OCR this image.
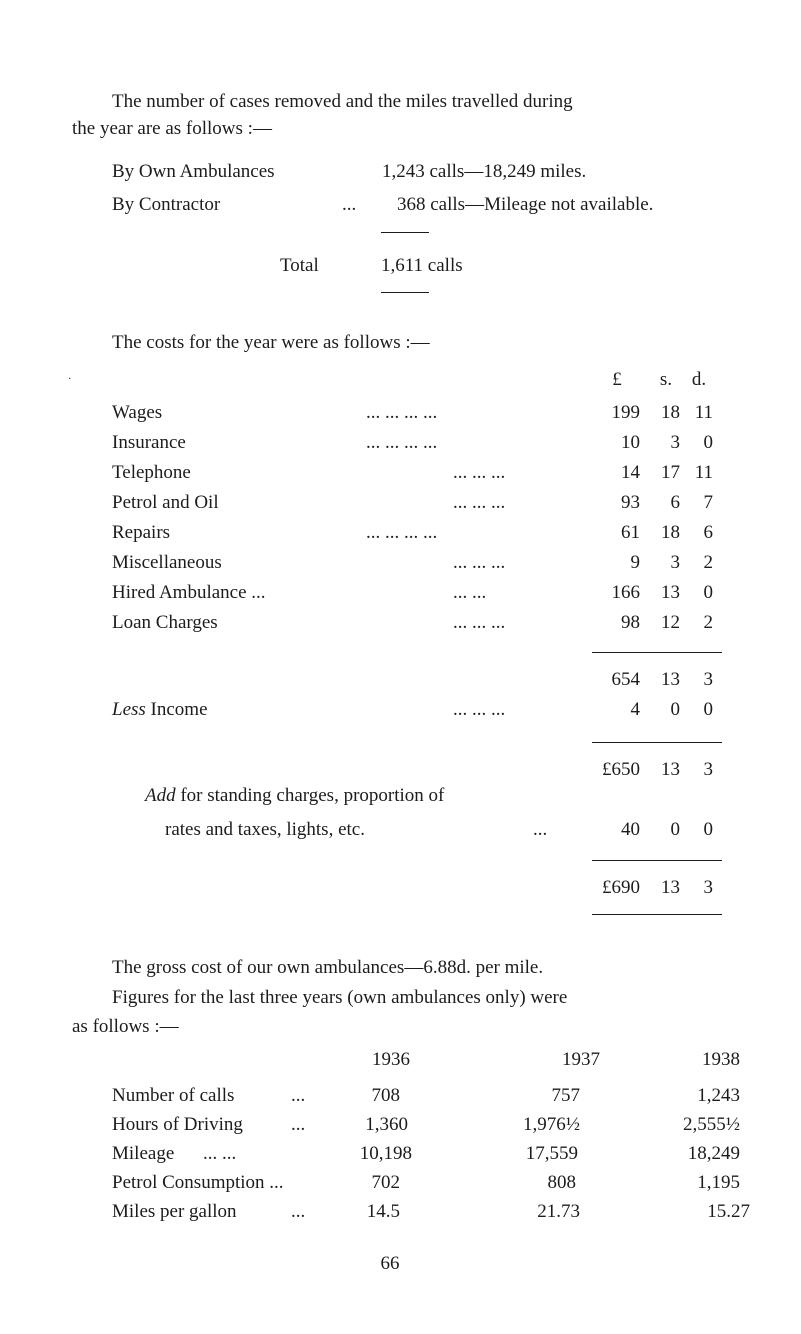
The number of cases removed and the miles travelled during
the year are as follows :—
By Own Ambulances	1,243 calls—18,249 miles.
By Contractor	... 368 calls—Mileage not available.
Total	1,611 calls
The costs for the year were as follows :—
·	£	s.	d.
Wages	... ... ... ...	199	18 11
Insurance	... ... ... ...	10	3	0
Telephone	... ... ...	14	17 11
Petrol and Oil	... ... ...	93	6	7
Repairs	... ... ... ...	61	18	6
Miscellaneous	... ... ...	9	3	2
Hired Ambulance ...	... ...	166	13	0
Loan Charges	... ... ...	98	12	2
654	13	3
Less Income	... ... ...	4	0	0
£650	13	3
Add for standing charges, proportion of
rates and taxes, lights, etc.	...	40	0	0
£690	13	3
The gross cost of our own ambulances—6.88d. per mile.
Figures for the last three years (own ambulances only) were
as follows :—
1936	1937	1938
Number of calls	...	708	757	1,243
Hours of Driving	...	1,360	1,976½	2,555½
Mileage ... ...	10,198	17,559	18,249
Petrol Consumption ...	702	808	1,195
Miles per gallon	...	14.5	21.73	15.27
66
